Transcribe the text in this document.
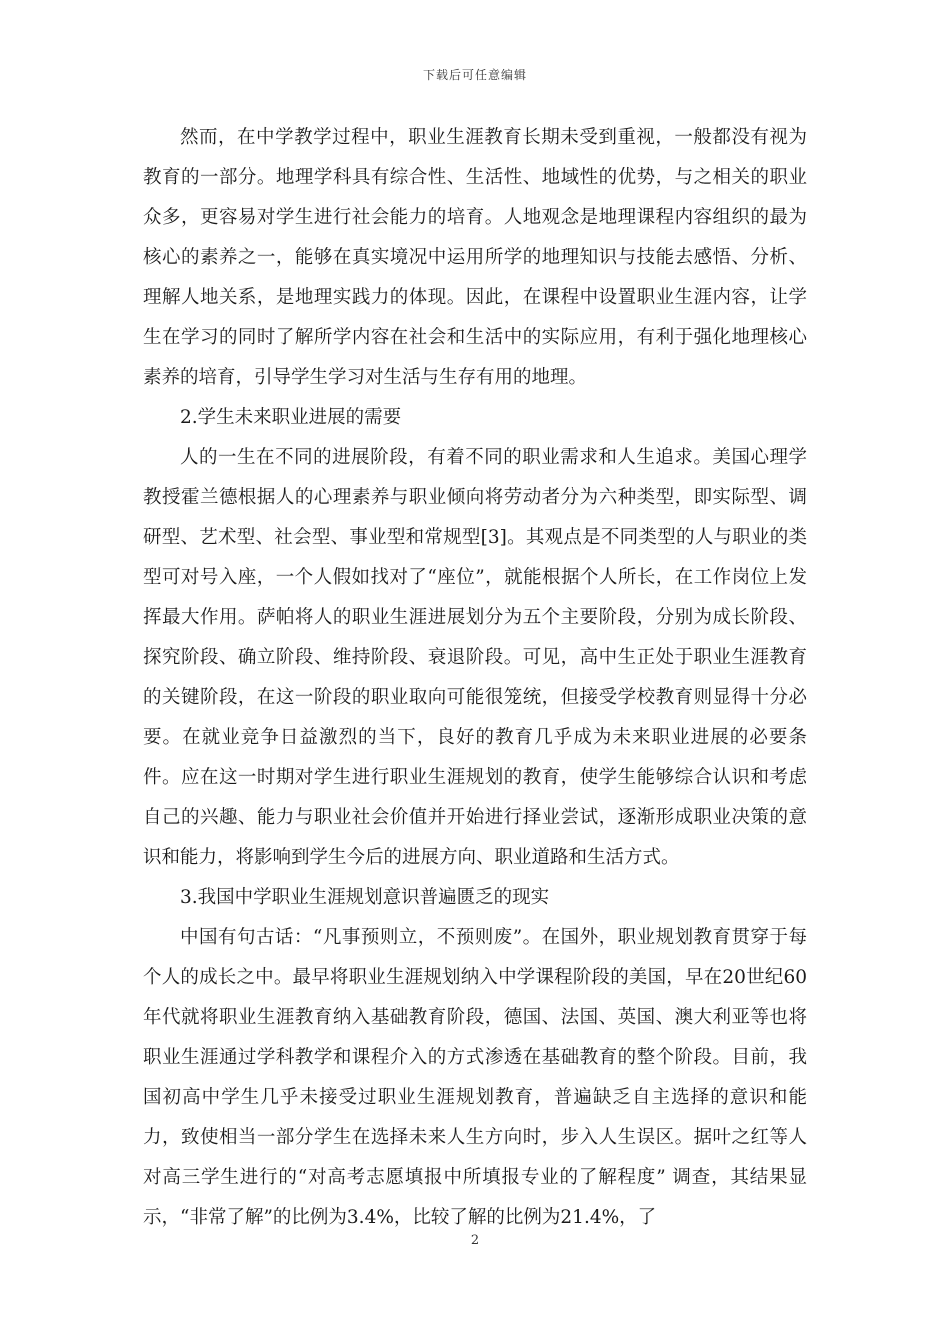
下载后可任意编辑

然而，在中学教学过程中，职业生涯教育长期未受到重视，一般都没有视为教育的一部分。地理学科具有综合性、生活性、地域性的优势，与之相关的职业众多，更容易对学生进行社会能力的培育。人地观念是地理课程内容组织的最为核心的素养之一，能够在真实境况中运用所学的地理知识与技能去感悟、分析、理解人地关系，是地理实践力的体现。因此，在课程中设置职业生涯内容，让学生在学习的同时了解所学内容在社会和生活中的实际应用，有利于强化地理核心素养的培育，引导学生学习对生活与生存有用的地理。

2.学生未来职业进展的需要

人的一生在不同的进展阶段，有着不同的职业需求和人生追求。美国心理学教授霍兰德根据人的心理素养与职业倾向将劳动者分为六种类型，即实际型、调研型、艺术型、社会型、事业型和常规型[3]。其观点是不同类型的人与职业的类型可对号入座，一个人假如找对了“座位”，就能根据个人所长，在工作岗位上发挥最大作用。萨帕将人的职业生涯进展划分为五个主要阶段，分别为成长阶段、探究阶段、确立阶段、维持阶段、衰退阶段。可见，高中生正处于职业生涯教育的关键阶段，在这一阶段的职业取向可能很笼统，但接受学校教育则显得十分必要。在就业竞争日益激烈的当下，良好的教育几乎成为未来职业进展的必要条件。应在这一时期对学生进行职业生涯规划的教育，使学生能够综合认识和考虑自己的兴趣、能力与职业社会价值并开始进行择业尝试，逐渐形成职业决策的意识和能力，将影响到学生今后的进展方向、职业道路和生活方式。

3.我国中学职业生涯规划意识普遍匮乏的现实

中国有句古话：“凡事预则立，不预则废”。在国外，职业规划教育贯穿于每个人的成长之中。最早将职业生涯规划纳入中学课程阶段的美国，早在20世纪60年代就将职业生涯教育纳入基础教育阶段，德国、法国、英国、澳大利亚等也将职业生涯通过学科教学和课程介入的方式渗透在基础教育的整个阶段。目前，我国初高中学生几乎未接受过职业生涯规划教育，普遍缺乏自主选择的意识和能力，致使相当一部分学生在选择未来人生方向时，步入人生误区。据叶之红等人对高三学生进行的“对高考志愿填报中所填报专业的了解程度” 调查，其结果显示，“非常了解”的比例为3.4%，比较了解的比例为21.4%，了

2
